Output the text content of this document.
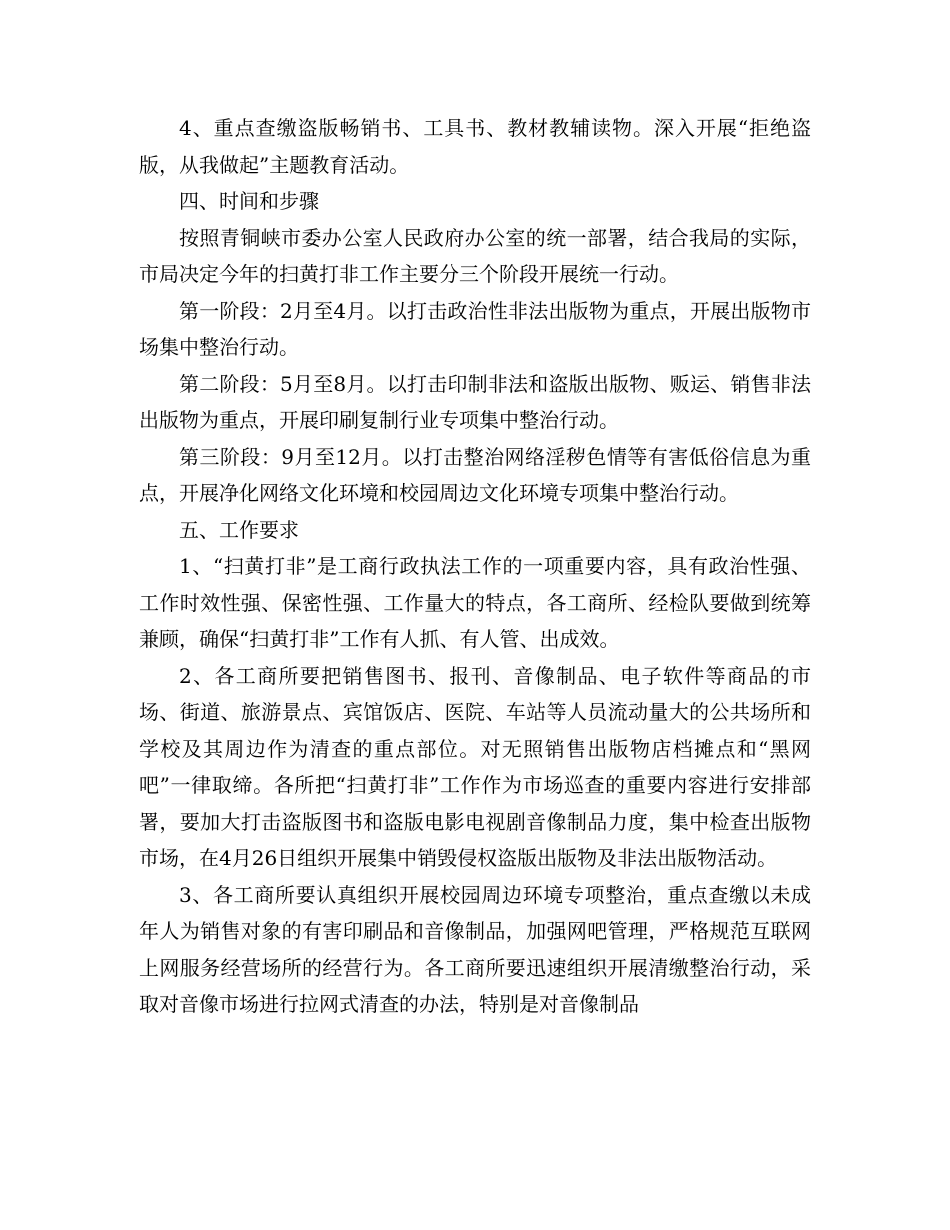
4、重点查缴盗版畅销书、工具书、教材教辅读物。深入开展“拒绝盗版，从我做起”主题教育活动。

四、时间和步骤

按照青铜峡市委办公室人民政府办公室的统一部署，结合我局的实际，市局决定今年的扫黄打非工作主要分三个阶段开展统一行动。

第一阶段：2月至4月。以打击政治性非法出版物为重点，开展出版物市场集中整治行动。

第二阶段：5月至8月。以打击印制非法和盗版出版物、贩运、销售非法出版物为重点，开展印刷复制行业专项集中整治行动。

第三阶段：9月至12月。以打击整治网络淫秽色情等有害低俗信息为重点，开展净化网络文化环境和校园周边文化环境专项集中整治行动。

五、工作要求

1、“扫黄打非”是工商行政执法工作的一项重要内容，具有政治性强、工作时效性强、保密性强、工作量大的特点，各工商所、经检队要做到统筹兼顾，确保“扫黄打非”工作有人抓、有人管、出成效。

2、各工商所要把销售图书、报刊、音像制品、电子软件等商品的市场、街道、旅游景点、宾馆饭店、医院、车站等人员流动量大的公共场所和学校及其周边作为清查的重点部位。对无照销售出版物店档摊点和“黑网吧”一律取缔。各所把“扫黄打非”工作作为市场巡查的重要内容进行安排部署，要加大打击盗版图书和盗版电影电视剧音像制品力度，集中检查出版物市场，在4月26日组织开展集中销毁侵权盗版出版物及非法出版物活动。

3、各工商所要认真组织开展校园周边环境专项整治，重点查缴以未成年人为销售对象的有害印刷品和音像制品，加强网吧管理，严格规范互联网上网服务经营场所的经营行为。各工商所要迅速组织开展清缴整治行动，采取对音像市场进行拉网式清查的办法，特别是对音像制品
